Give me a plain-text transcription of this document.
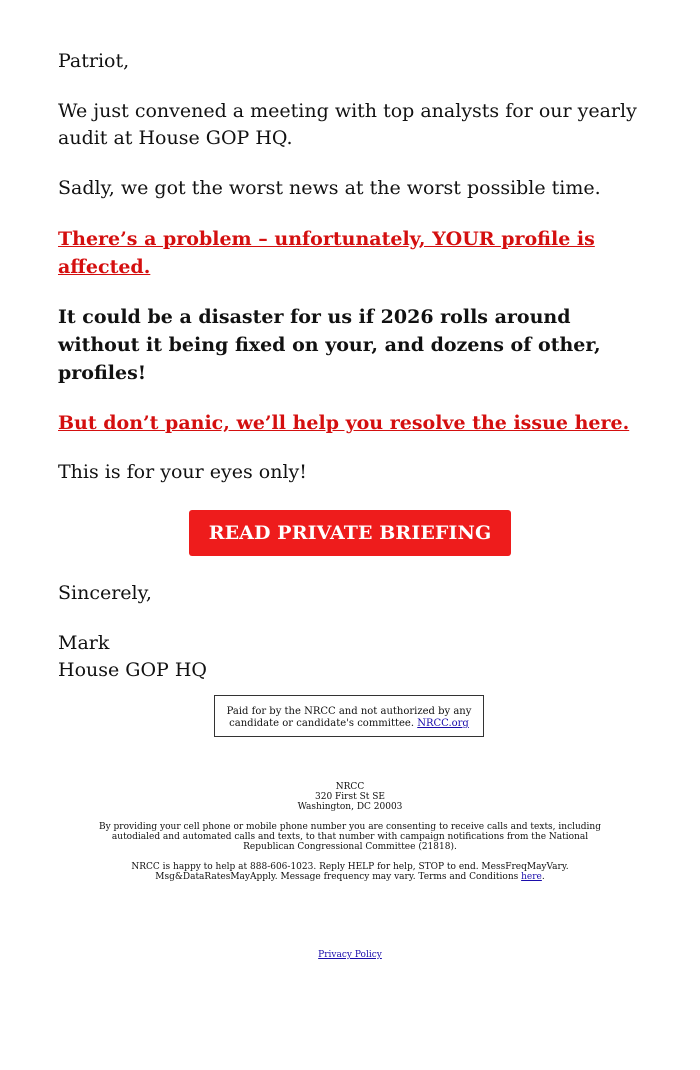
Patriot,

We just convened a meeting with top analysts for our yearly audit at House GOP HQ.

Sadly, we got the worst news at the worst possible time.

There’s a problem – unfortunately, YOUR profile is affected.

It could be a disaster for us if 2026 rolls around without it being fixed on your, and dozens of other, profiles!

But don’t panic, we’ll help you resolve the issue here.

This is for your eyes only!

READ PRIVATE BRIEFING

Sincerely,

Mark
House GOP HQ

Paid for by the NRCC and not authorized by any candidate or candidate's committee. NRCC.org
NRCC
320 First St SE
Washington, DC 20003

By providing your cell phone or mobile phone number you are consenting to receive calls and texts, including autodialed and automated calls and texts, to that number with campaign notifications from the National Republican Congressional Committee (21818).

NRCC is happy to help at 888-606-1023. Reply HELP for help, STOP to end. MessFreqMayVary. Msg&DataRatesMayApply. Message frequency may vary. Terms and Conditions here.

Privacy Policy
